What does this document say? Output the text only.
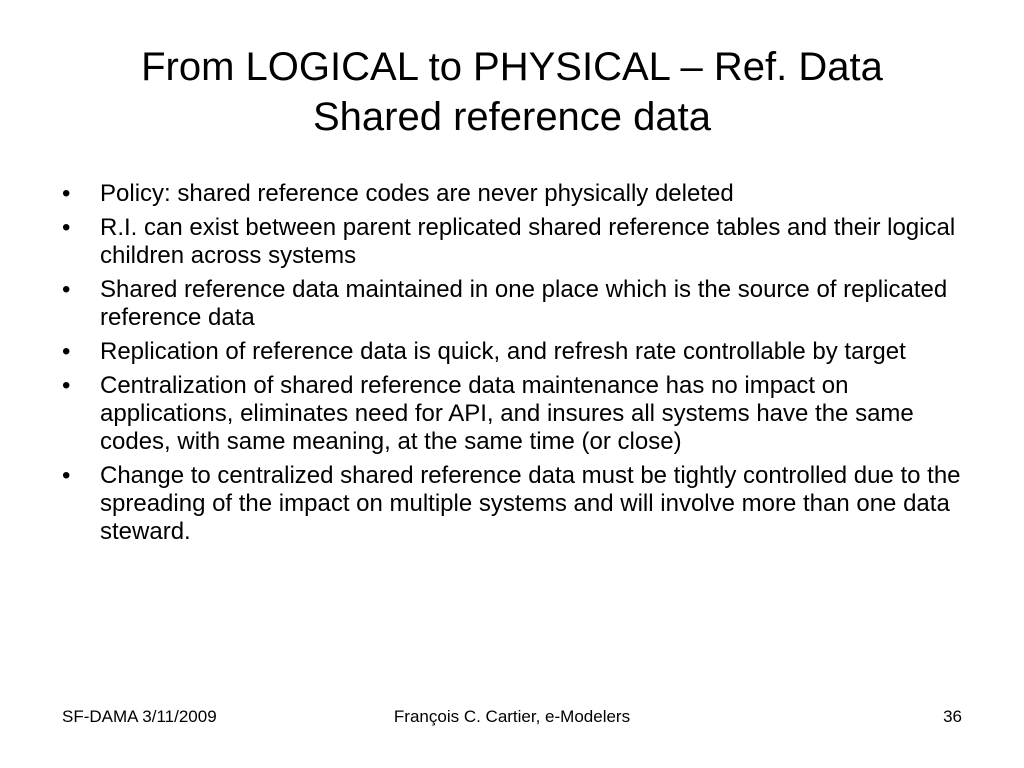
From LOGICAL to PHYSICAL – Ref. Data
Shared reference data
• Policy: shared reference codes are never physically deleted
• R.I. can exist between parent replicated shared reference tables and their logical children across systems
• Shared reference data maintained in one place which is the source of replicated reference data
• Replication of reference data is quick, and refresh rate controllable by target
• Centralization of shared reference data maintenance has no impact on applications, eliminates need for API, and insures all systems have the same codes, with same meaning, at the same time (or close)
• Change to centralized shared reference data must be tightly controlled due to the spreading of the impact on multiple systems and will involve more than one data steward.
SF-DAMA 3/11/2009	François C. Cartier, e-Modelers	36
